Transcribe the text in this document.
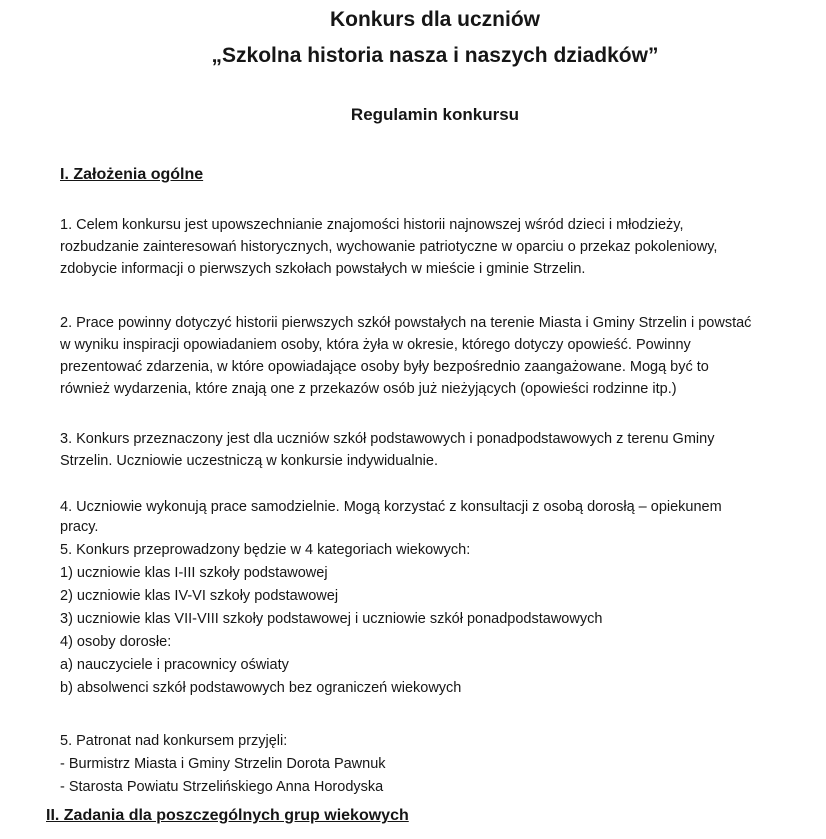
Konkurs dla uczniów
„Szkolna historia nasza i naszych dziadków”
Regulamin konkursu
I. Założenia ogólne
1. Celem konkursu jest upowszechnianie znajomości historii najnowszej wśród dzieci i młodzieży,
rozbudzanie zainteresowań historycznych, wychowanie patriotyczne w oparciu o przekaz pokoleniowy,
zdobycie informacji o pierwszych szkołach powstałych w mieście i gminie Strzelin.
2. Prace powinny dotyczyć historii pierwszych szkół powstałych na terenie Miasta i Gminy Strzelin i powstać
w wyniku inspiracji opowiadaniem osoby, która żyła w okresie, którego dotyczy opowieść. Powinny
prezentować zdarzenia, w które opowiadające osoby były bezpośrednio zaangażowane. Mogą być to
również wydarzenia, które znają one z przekazów osób już nieżyjących (opowieści rodzinne itp.)
3. Konkurs przeznaczony jest dla uczniów szkół podstawowych i ponadpodstawowych z terenu Gminy
Strzelin. Uczniowie uczestniczą w konkursie indywidualnie.
4. Uczniowie wykonują prace samodzielnie. Mogą korzystać z konsultacji z osobą dorosłą – opiekunem
pracy.
5. Konkurs przeprowadzony będzie w 4 kategoriach wiekowych:
1) uczniowie klas I-III szkoły podstawowej
2) uczniowie klas IV-VI szkoły podstawowej
3) uczniowie klas VII-VIII szkoły podstawowej i uczniowie szkół ponadpodstawowych
4) osoby dorosłe:
a) nauczyciele i pracownicy oświaty
b) absolwenci szkół podstawowych bez ograniczeń wiekowych
5. Patronat nad konkursem przyjęli:
- Burmistrz Miasta i Gminy Strzelin Dorota Pawnuk
- Starosta Powiatu Strzelińskiego Anna Horodyska
II. Zadania dla poszczególnych grup wiekowych
